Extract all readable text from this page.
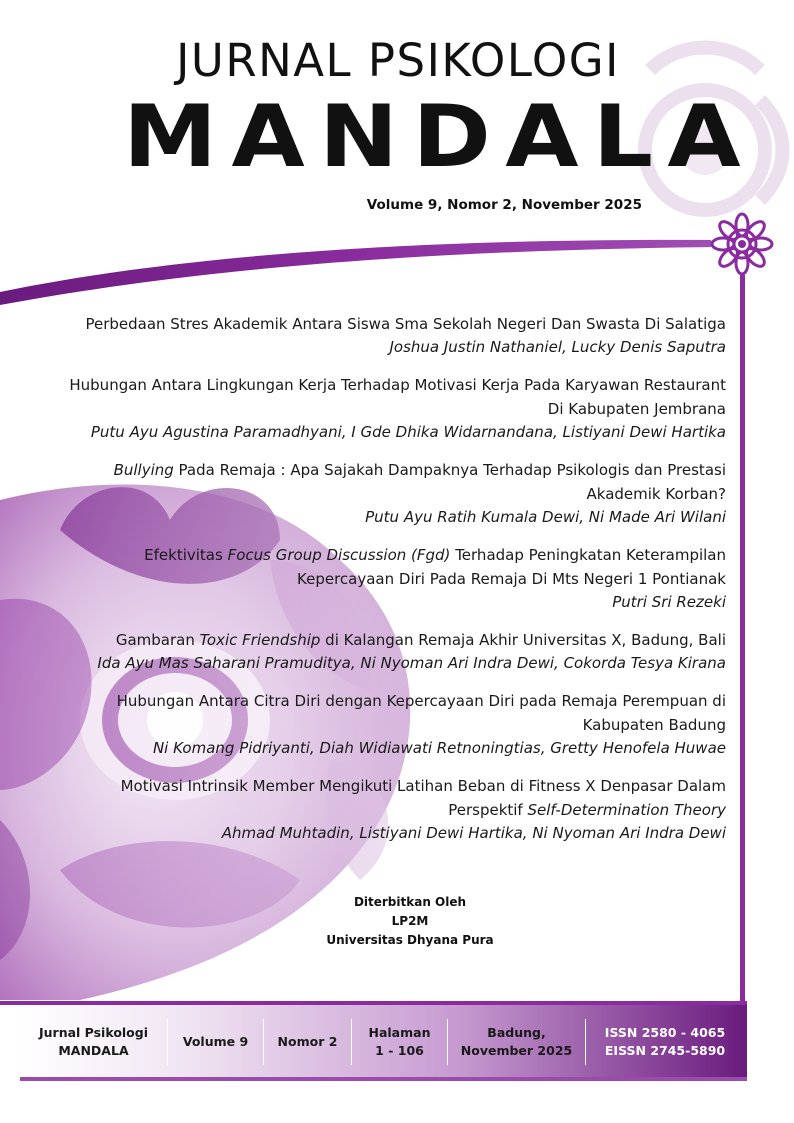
JURNAL PSIKOLOGI
MANDALA
Volume 9, Nomor 2, November 2025
Perbedaan Stres Akademik Antara Siswa Sma Sekolah Negeri Dan Swasta Di Salatiga
Joshua Justin Nathaniel, Lucky Denis Saputra
Hubungan Antara Lingkungan Kerja Terhadap Motivasi Kerja Pada Karyawan Restaurant Di Kabupaten Jembrana
Putu Ayu Agustina Paramadhyani, I Gde Dhika Widarnandana, Listiyani Dewi Hartika
Bullying Pada Remaja : Apa Sajakah Dampaknya Terhadap Psikologis dan Prestasi Akademik Korban?
Putu Ayu Ratih Kumala Dewi, Ni Made Ari Wilani
Efektivitas Focus Group Discussion (Fgd) Terhadap Peningkatan Keterampilan Kepercayaan Diri Pada Remaja Di Mts Negeri 1 Pontianak
Putri Sri Rezeki
Gambaran Toxic Friendship di Kalangan Remaja Akhir Universitas X, Badung, Bali
Ida Ayu Mas Saharani Pramuditya, Ni Nyoman Ari Indra Dewi, Cokorda Tesya Kirana
Hubungan Antara Citra Diri dengan Kepercayaan Diri pada Remaja Perempuan di Kabupaten Badung
Ni Komang Pidriyanti, Diah Widiawati Retnoningtias, Gretty Henofela Huwae
Motivasi Intrinsik Member Mengikuti Latihan Beban di Fitness X Denpasar Dalam Perspektif Self-Determination Theory
Ahmad Muhtadin, Listiyani Dewi Hartika, Ni Nyoman Ari Indra Dewi
Diterbitkan Oleh
LP2M
Universitas Dhyana Pura
Jurnal Psikologi
MANDALA
Volume 9 Nomor 2
Halaman
1 - 106
Badung,
November 2025
ISSN 2580 - 4065
EISSN 2745-5890
